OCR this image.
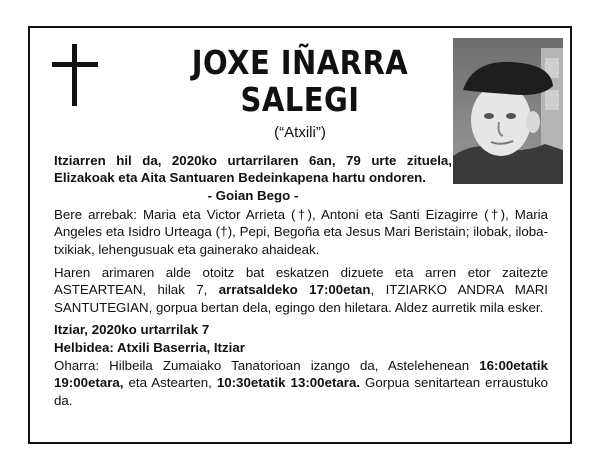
JOXE IÑARRA
SALEGI
(“Atxili”)

Itziarren hil da, 2020ko urtarrilaren 6an, 79 urte zituela, Elizakoak eta Aita Santuaren Bedeinkapena hartu ondoren.

- Goian Bego -

Bere arrebak: Maria eta Victor Arrieta (†), Antoni eta Santi Eizagirre (†), Maria Angeles eta Isidro Urteaga (†), Pepi, Begoña eta Jesus Mari Beristain; ilobak, iloba-txikiak, lehengusuak eta gainerako ahaideak.

Haren arimaren alde otoitz bat eskatzen dizuete eta arren etor zaitezte ASTEARTEAN, hilak 7, arratsaldeko 17:00etan, ITZIARKO ANDRA MARI SANTUTEGIAN, gorpua bertan dela, egingo den hiletara. Aldez aurretik mila esker.

Itziar, 2020ko urtarrilak 7

Helbidea: Atxili Baserria, Itziar

Oharra: Hilbeila Zumaiako Tanatorioan izango da, Astelehenean 16:00etatik 19:00etara, eta Astearten, 10:30etatik 13:00etara. Gorpua senitartean erraustuko da.
